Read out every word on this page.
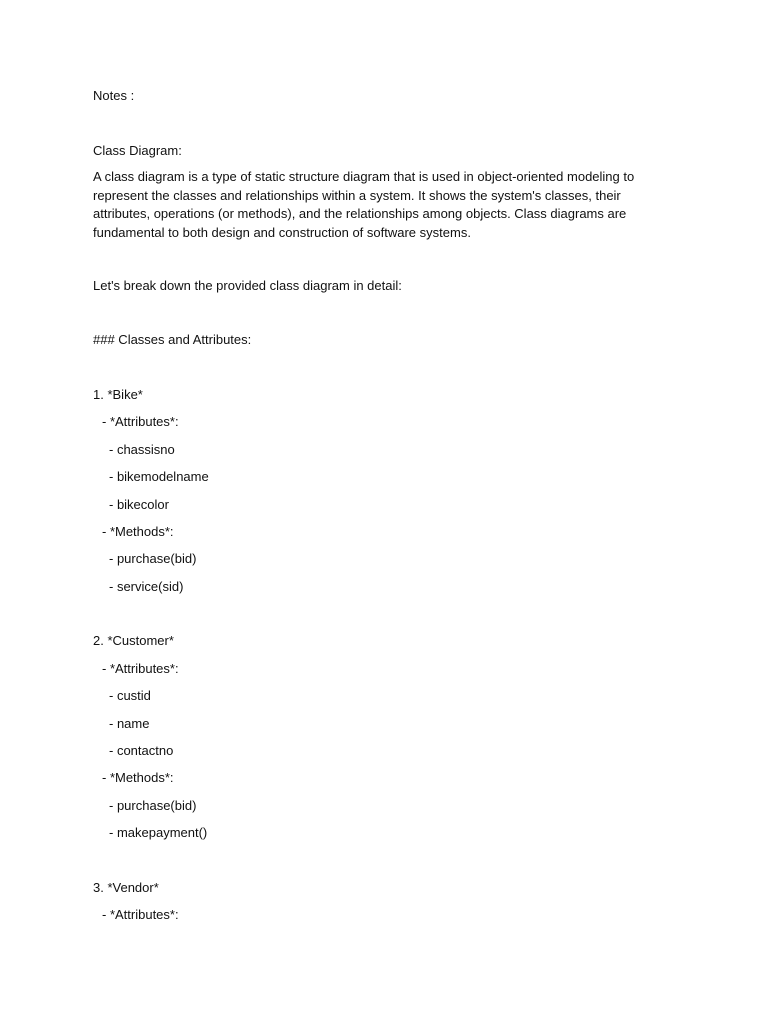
Notes :

Class Diagram:

A class diagram is a type of static structure diagram that is used in object-oriented modeling to represent the classes and relationships within a system. It shows the system's classes, their attributes, operations (or methods), and the relationships among objects. Class diagrams are fundamental to both design and construction of software systems.

Let's break down the provided class diagram in detail:

### Classes and Attributes:

1. *Bike*

- *Attributes*:

- chassisno

- bikemodelname

- bikecolor

- *Methods*:

- purchase(bid)

- service(sid)

2. *Customer*

- *Attributes*:

- custid

- name

- contactno

- *Methods*:

- purchase(bid)

- makepayment()

3. *Vendor*

- *Attributes*:
